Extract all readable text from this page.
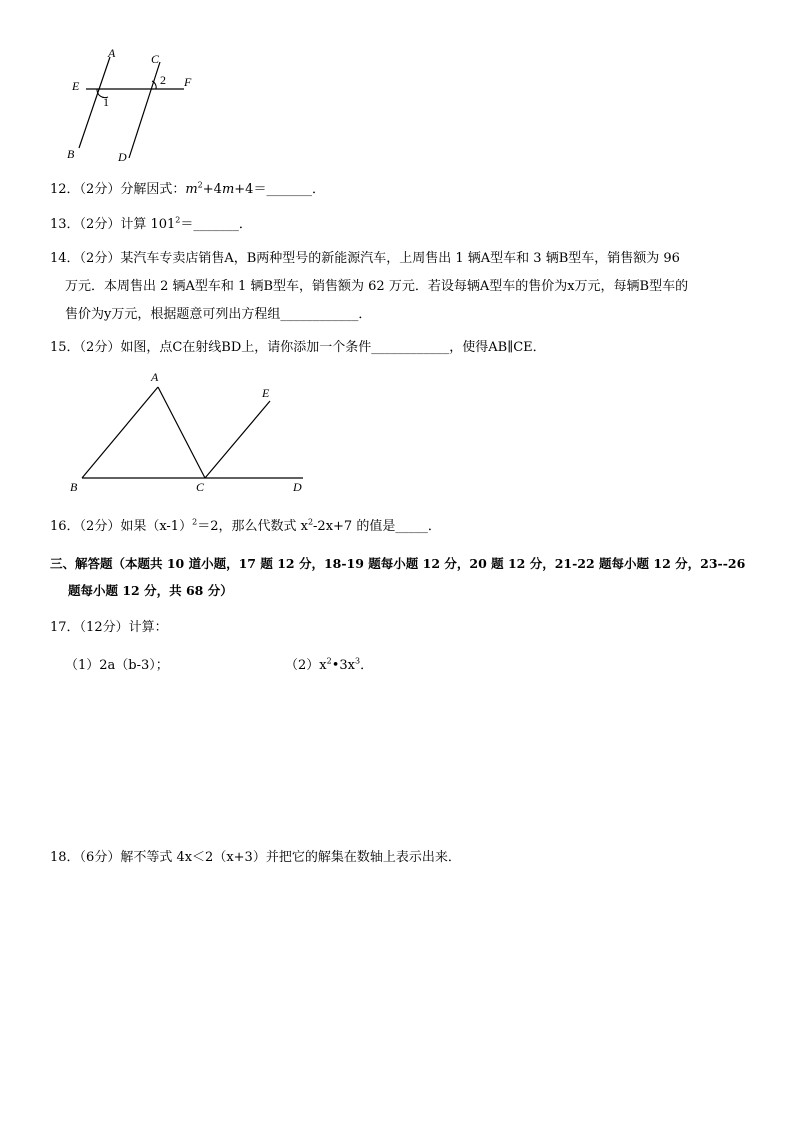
A	C
E	F
B	D
1
2
12．（2分）分解因式：$m^2+4m+4=\_\_\_\_\_\_\_$．
13．（2分）计算 $101^2=\_\_\_\_\_\_\_$．
14．（2分）某汽车专卖店销售A，B两种型号的新能源汽车，上周售出 1 辆A型车和 3 辆B型车，销售额为 96
万元．本周售出 2 辆A型车和 1 辆B型车，销售额为 62 万元．若设每辆A型车的售价为x万元，每辆B型车的
售价为y万元，根据题意可列出方程组____________．
15．（2分）如图，点C在射线BD上，请你添加一个条件____________，使得AB∥CE．
A
E
B	C	D
16．（2分）如果$(x-1)^2=2$，那么代数式 $x^2-2x+7$ 的值是_____．
三、解答题（本题共 10 道小题，17 题 12 分，18-19 题每小题 12 分，20 题 12 分，21-22 题每小题 12 分，23--26
题每小题 12 分，共 68 分）
17．（12分）计算：
（1）2a（b-3）；	$(2)x^2•3x^3$．
18．（6分）解不等式 4x＜2（x+3）并把它的解集在数轴上表示出来．
